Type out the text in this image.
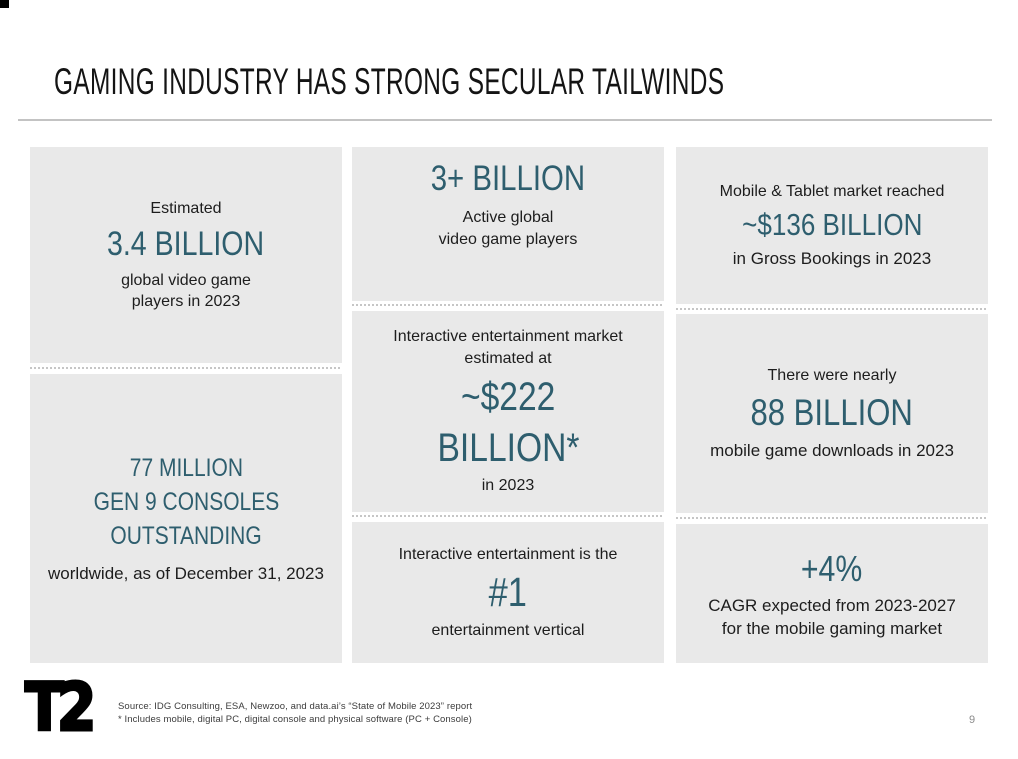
GAMING INDUSTRY HAS STRONG SECULAR TAILWINDS
Estimated
3.4 BILLION
global video game
players in 2023
77 MILLION
GEN 9 CONSOLES
OUTSTANDING
worldwide, as of December 31, 2023
3+ BILLION
Active global
video game players
Interactive entertainment market
estimated at
~$222
BILLION*
in 2023
Interactive entertainment is the
#1
entertainment vertical
Mobile & Tablet market reached
~$136 BILLION
in Gross Bookings in 2023
There were nearly
88 BILLION
mobile game downloads in 2023
+4%
CAGR expected from 2023-2027
for the mobile gaming market
T2	Source: IDG Consulting, ESA, Newzoo, and data.ai’s “State of Mobile 2023” report
* Includes mobile, digital PC, digital console and physical software (PC + Console)	9
